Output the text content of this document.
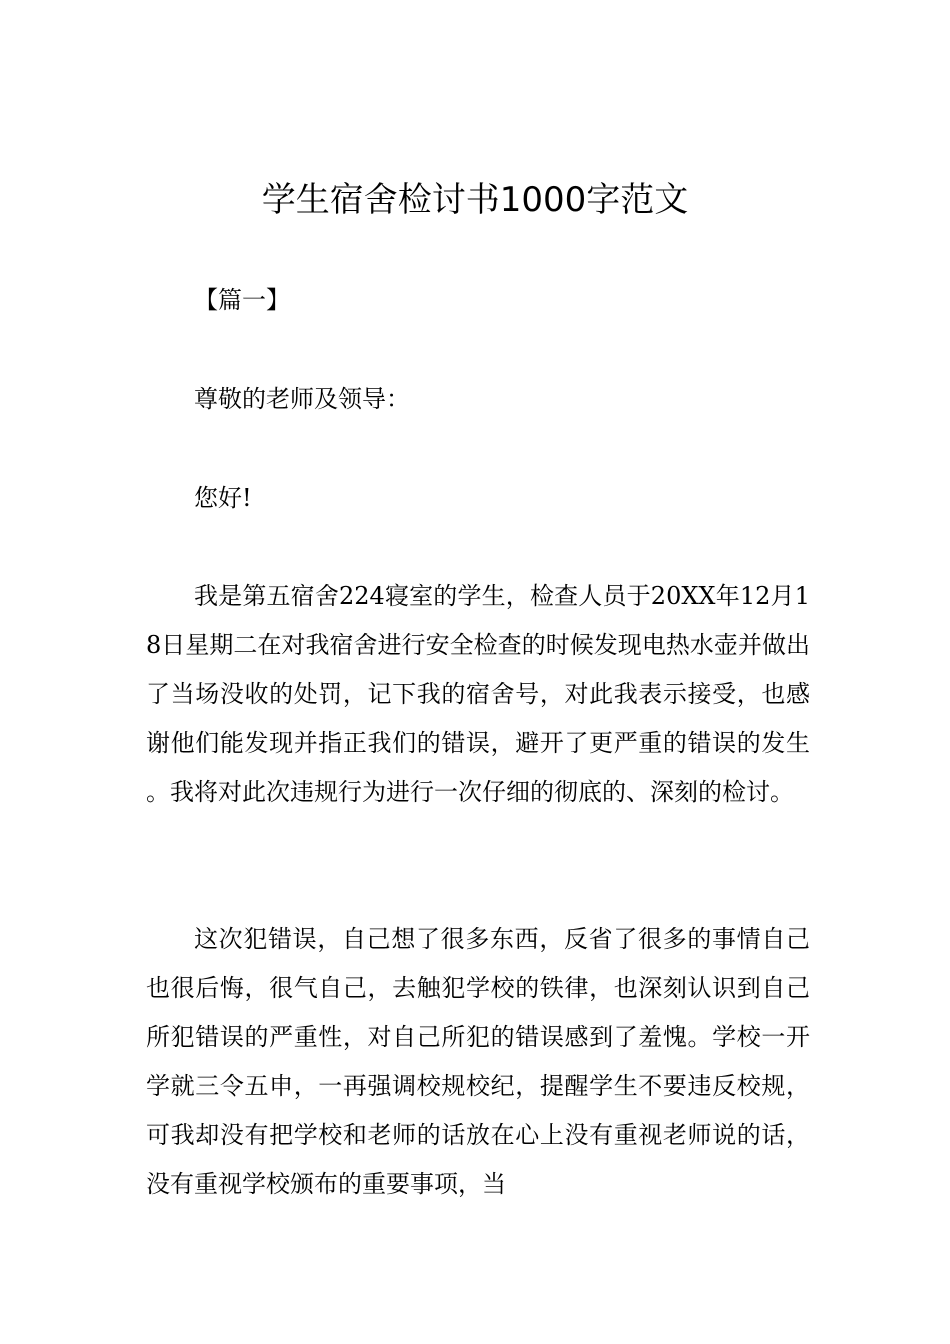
学生宿舍检讨书1000字范文

【篇一】

尊敬的老师及领导：

您好!

我是第五宿舍224寝室的学生，检查人员于20XX年12月18日星期二在对我宿舍进行安全检查的时候发现电热水壶并做出了当场没收的处罚，记下我的宿舍号，对此我表示接受，也感谢他们能发现并指正我们的错误，避开了更严重的错误的发生。我将对此次违规行为进行一次仔细的彻底的、深刻的检讨。

这次犯错误，自己想了很多东西，反省了很多的事情自己也很后悔，很气自己，去触犯学校的铁律，也深刻认识到自己所犯错误的严重性，对自己所犯的错误感到了羞愧。学校一开学就三令五申，一再强调校规校纪，提醒学生不要违反校规，可我却没有把学校和老师的话放在心上没有重视老师说的话，没有重视学校颁布的重要事项，当
